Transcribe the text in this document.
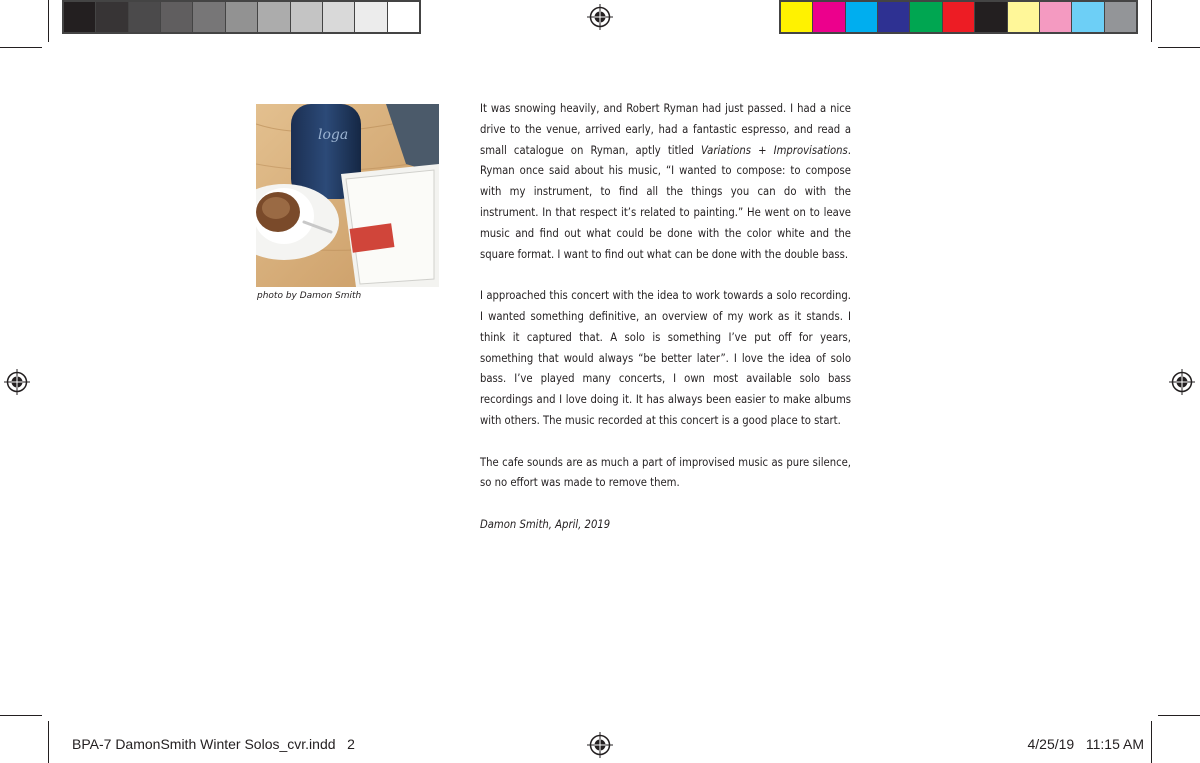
loga
photo by Damon Smith

It was snowing heavily, and Robert Ryman had just passed. I had a nice drive to the venue, arrived early, had a fantastic espresso, and read a small catalogue on Ryman, aptly titled Variations + Improvisations. Ryman once said about his music, “I wanted to compose: to compose with my instrument, to find all the things you can do with the instrument. In that respect it’s related to painting.” He went on to leave music and find out what could be done with the color white and the square format. I want to find out what can be done with the double bass.

I approached this concert with the idea to work towards a solo recording. I wanted something definitive, an overview of my work as it stands. I think it captured that. A solo is something I’ve put off for years, something that would always “be better later”. I love the idea of solo bass. I’ve played many concerts, I own most available solo bass recordings and I love doing it. It has always been easier to make albums with others. The music recorded at this concert is a good place to start.

The cafe sounds are as much a part of improvised music as pure silence, so no effort was made to remove them.

Damon Smith, April, 2019

BPA-7 DamonSmith Winter Solos_cvr.indd   2	4/25/19   11:15 AM
